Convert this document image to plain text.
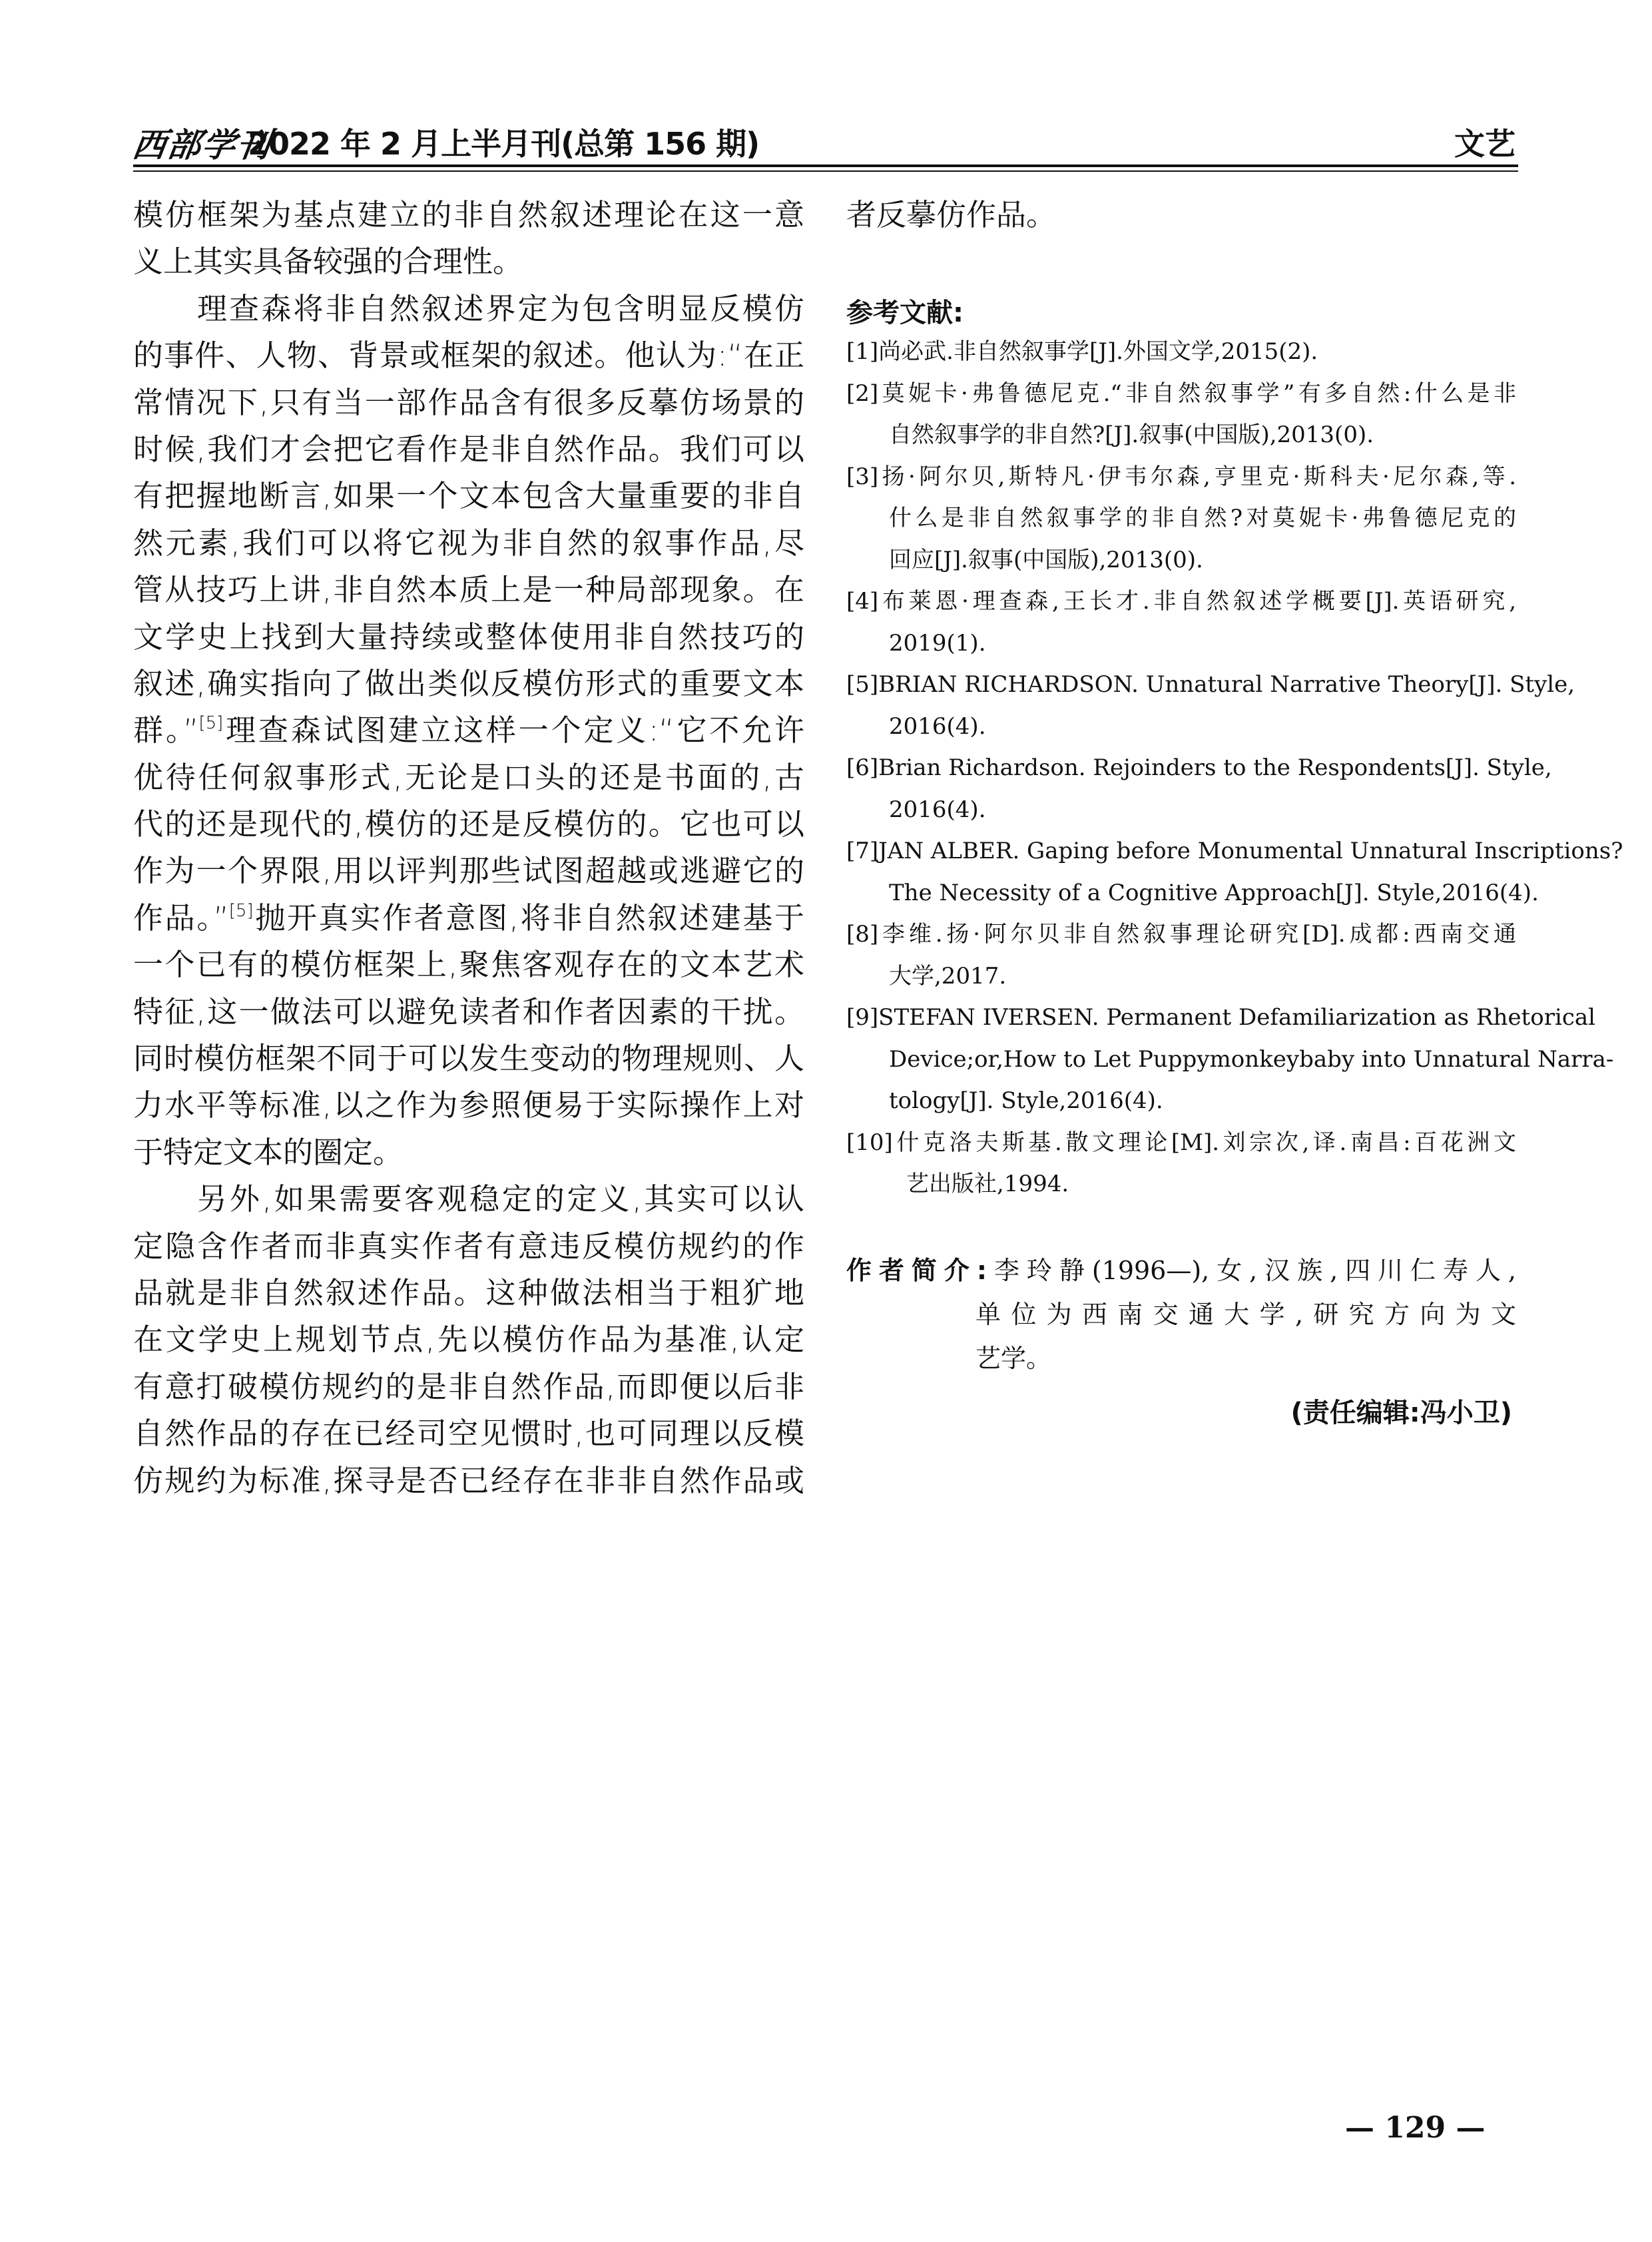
西部学刊
2022 年 2 月上半月刊(总第 156 期)	文艺
模仿框架为基点建立的非自然叙述理论在这一意
义上其实具备较强的合理性。
理查森将非自然叙述界定为包含明显反模仿
的事件、人物、背景或框架的叙述。他认为:“在正
常情况下,只有当一部作品含有很多反摹仿场景的
时候,我们才会把它看作是非自然作品。我们可以
有把握地断言,如果一个文本包含大量重要的非自
然元素,我们可以将它视为非自然的叙事作品,尽
管从技巧上讲,非自然本质上是一种局部现象。在
文学史上找到大量持续或整体使用非自然技巧的
叙述,确实指向了做出类似反模仿形式的重要文本
群。”[5]理查森试图建立这样一个定义:“它不允许
优待任何叙事形式,无论是口头的还是书面的,古
代的还是现代的,模仿的还是反模仿的。它也可以
作为一个界限,用以评判那些试图超越或逃避它的
作品。”[5]抛开真实作者意图,将非自然叙述建基于
一个已有的模仿框架上,聚焦客观存在的文本艺术
特征,这一做法可以避免读者和作者因素的干扰。
同时模仿框架不同于可以发生变动的物理规则、人
力水平等标准,以之作为参照便易于实际操作上对
于特定文本的圈定。
另外,如果需要客观稳定的定义,其实可以认
定隐含作者而非真实作者有意违反模仿规约的作
品就是非自然叙述作品。这种做法相当于粗犷地
在文学史上规划节点,先以模仿作品为基准,认定
有意打破模仿规约的是非自然作品,而即便以后非
自然作品的存在已经司空见惯时,也可同理以反模
仿规约为标准,探寻是否已经存在非非自然作品或
者反摹仿作品。
参考文献:
[1]尚必武.非自然叙事学[J].外国文学,2015(2).
[2]莫妮卡·弗鲁德尼克.“非自然叙事学”有多自然:什么是非
自然叙事学的非自然?[J].叙事(中国版),2013(0).
[3]扬·阿尔贝,斯特凡·伊韦尔森,亨里克·斯科夫·尼尔森,等.
什么是非自然叙事学的非自然?对莫妮卡·弗鲁德尼克的
回应[J].叙事(中国版),2013(0).
[4]布莱恩·理查森,王长才.非自然叙述学概要[J].英语研究,
2019(1).
[5]BRIAN RICHARDSON. Unnatural Narrative Theory[J]. Style,
2016(4).
[6]Brian Richardson. Rejoinders to the Respondents[J]. Style,
2016(4).
[7]JAN ALBER. Gaping before Monumental Unnatural Inscriptions?
The Necessity of a Cognitive Approach[J]. Style,2016(4).
[8]李维.扬·阿尔贝非自然叙事理论研究[D].成都:西南交通
大学,2017.
[9]STEFAN IVERSEN. Permanent Defamiliarization as Rhetorical
Device;or,How to Let Puppymonkeybaby into Unnatural Narra-
tology[J]. Style,2016(4).
[10]什克洛夫斯基.散文理论[M].刘宗次,译.南昌:百花洲文
艺出版社,1994.
作者简介:李玲静(1996—),女,汉族,四川仁寿人,
单位为西南交通大学,研究方向为文
艺学。
(责任编辑:冯小卫)
— 129 —
